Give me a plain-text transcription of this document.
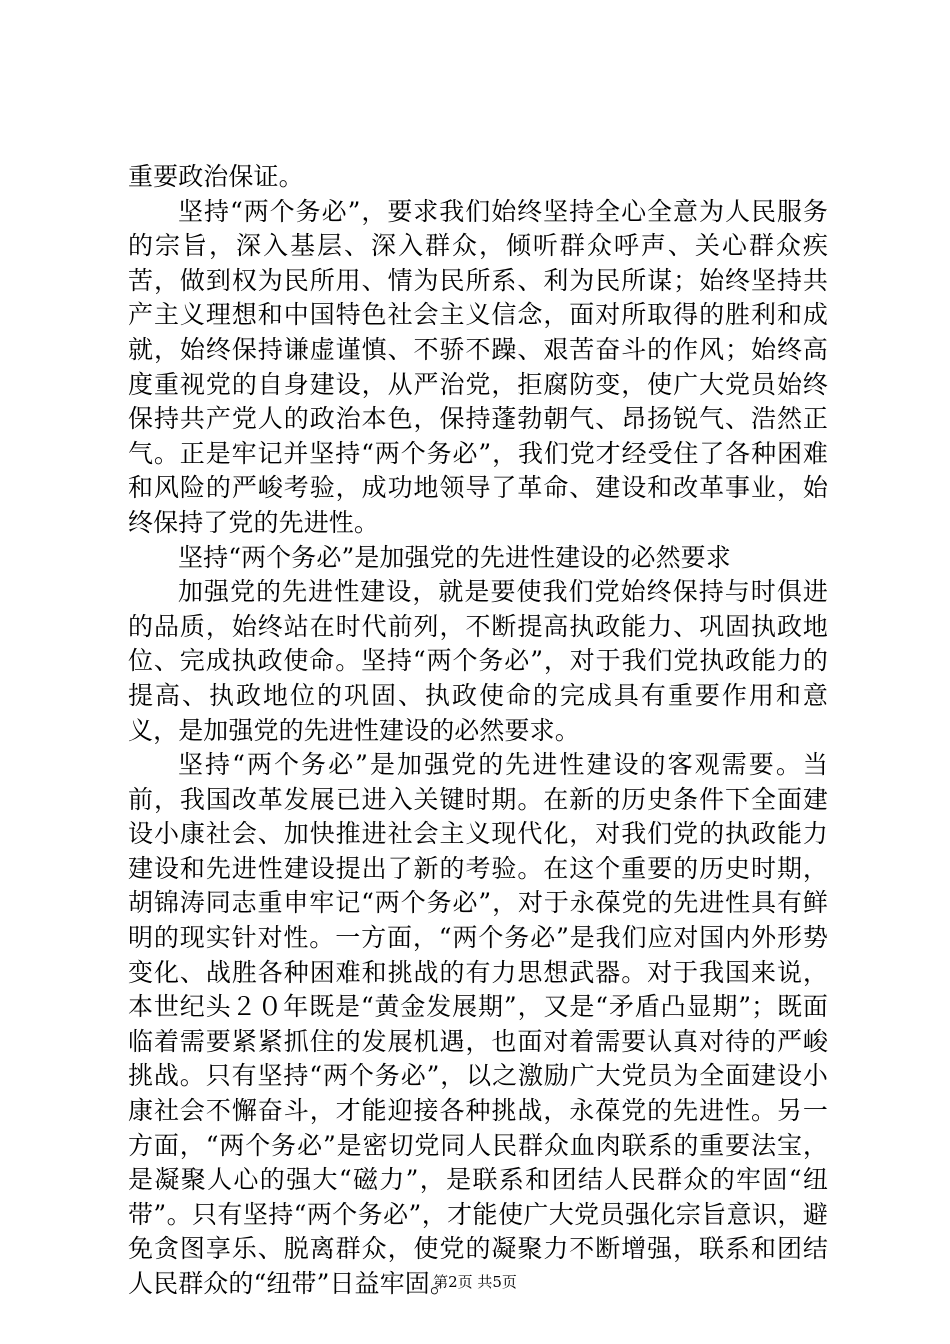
重要政治保证。

坚持“两个务必”，要求我们始终坚持全心全意为人民服务的宗旨，深入基层、深入群众，倾听群众呼声、关心群众疾苦，做到权为民所用、情为民所系、利为民所谋；始终坚持共产主义理想和中国特色社会主义信念，面对所取得的胜利和成就，始终保持谦虚谨慎、不骄不躁、艰苦奋斗的作风；始终高度重视党的自身建设，从严治党，拒腐防变，使广大党员始终保持共产党人的政治本色，保持蓬勃朝气、昂扬锐气、浩然正气。正是牢记并坚持“两个务必”，我们党才经受住了各种困难和风险的严峻考验，成功地领导了革命、建设和改革事业，始终保持了党的先进性。

坚持“两个务必”是加强党的先进性建设的必然要求

加强党的先进性建设，就是要使我们党始终保持与时俱进的品质，始终站在时代前列，不断提高执政能力、巩固执政地位、完成执政使命。坚持“两个务必”，对于我们党执政能力的提高、执政地位的巩固、执政使命的完成具有重要作用和意义，是加强党的先进性建设的必然要求。

坚持“两个务必”是加强党的先进性建设的客观需要。当前，我国改革发展已进入关键时期。在新的历史条件下全面建设小康社会、加快推进社会主义现代化，对我们党的执政能力建设和先进性建设提出了新的考验。在这个重要的历史时期，胡锦涛同志重申牢记“两个务必”，对于永葆党的先进性具有鲜明的现实针对性。一方面，“两个务必”是我们应对国内外形势变化、战胜各种困难和挑战的有力思想武器。对于我国来说，本世纪头２０年既是“黄金发展期”，又是“矛盾凸显期”；既面临着需要紧紧抓住的发展机遇，也面对着需要认真对待的严峻挑战。只有坚持“两个务必”，以之激励广大党员为全面建设小康社会不懈奋斗，才能迎接各种挑战，永葆党的先进性。另一方面，“两个务必”是密切党同人民群众血肉联系的重要法宝，是凝聚人心的强大“磁力”，是联系和团结人民群众的牢固“纽带”。只有坚持“两个务必”，才能使广大党员强化宗旨意识，避免贪图享乐、脱离群众，使党的凝聚力不断增强，联系和团结人民群众的“纽带”日益牢固。

第2页 共5页
